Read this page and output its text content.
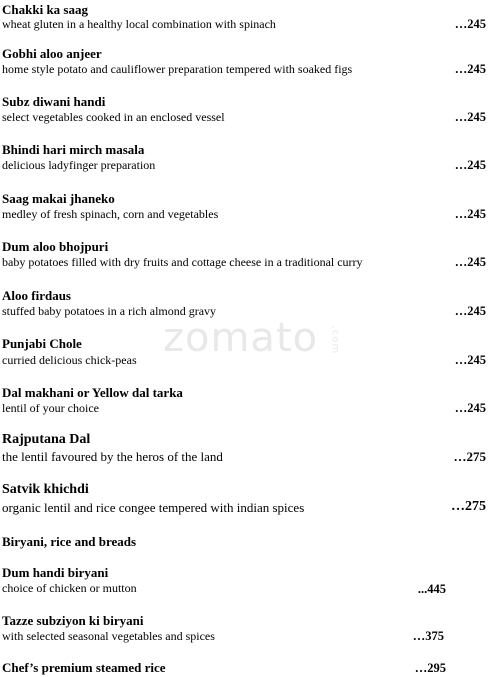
Chakki ka saag
wheat gluten in a healthy local combination with spinach	…245
Gobhi aloo anjeer
home style potato and cauliflower preparation tempered with soaked figs	…245
Subz diwani handi
select vegetables cooked in an enclosed vessel	…245
Bhindi hari mirch masala
delicious ladyfinger preparation	…245
Saag makai jhaneko
medley of fresh spinach, corn and vegetables	…245
Dum aloo bhojpuri
baby potatoes filled with dry fruits and cottage cheese in a traditional curry	…245
Aloo firdaus
stuffed baby potatoes in a rich almond gravy	…245
Punjabi Chole
curried delicious chick-peas	…245
Dal makhani or Yellow dal tarka
lentil of your choice	…245
Rajputana Dal
the lentil favoured by the heros of the land	…275
Satvik khichdi
organic lentil and rice congee tempered with indian spices	…275
Biryani, rice and breads
Dum handi biryani
choice of chicken or mutton	...445
Tazze subziyon ki biryani
with selected seasonal vegetables and spices	…375
Chef’s premium steamed rice	…295
zomato .com
